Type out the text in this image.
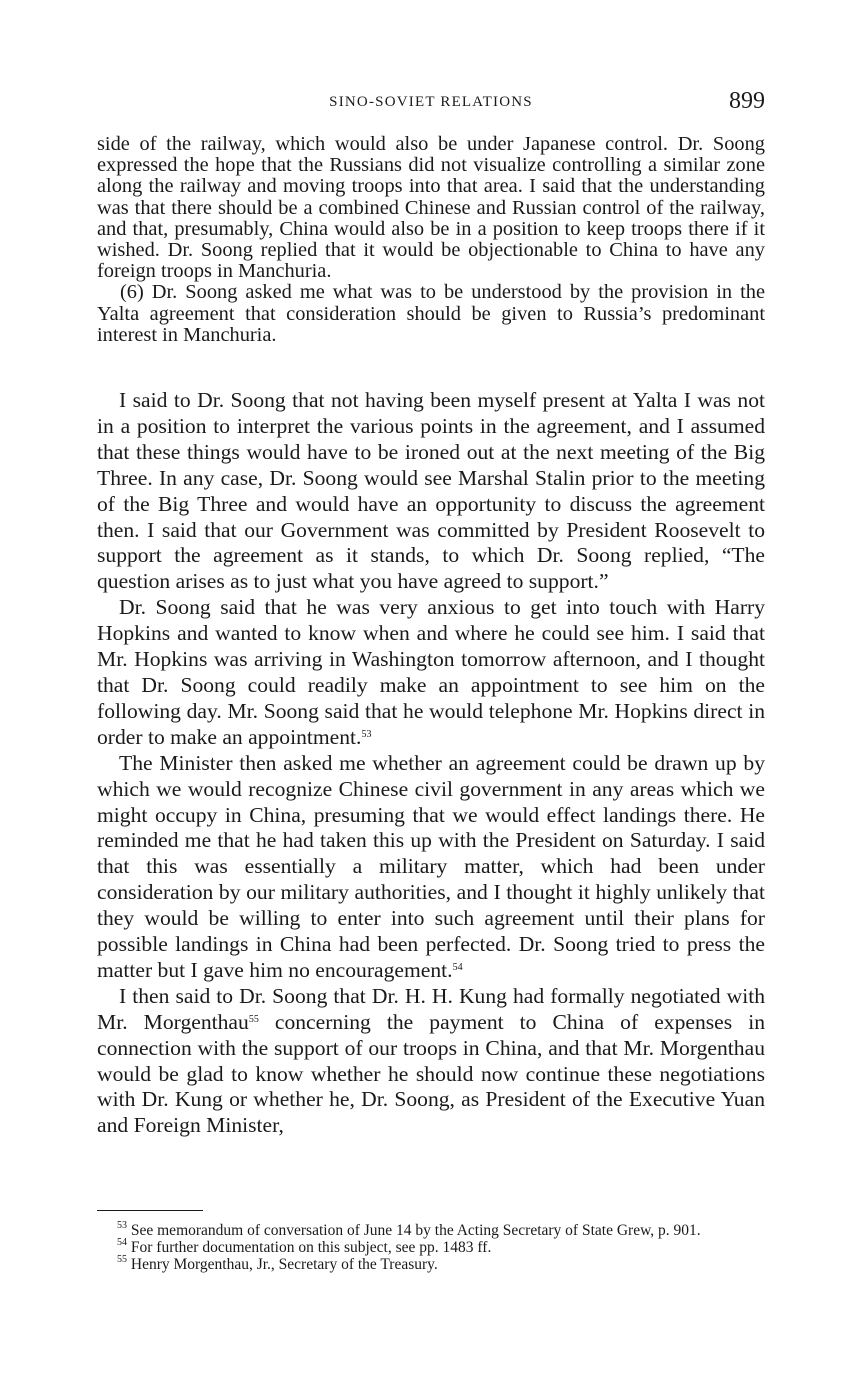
SINO-SOVIET RELATIONS	899

side of the railway, which would also be under Japanese control. Dr. Soong expressed the hope that the Russians did not visualize controlling a similar zone along the railway and moving troops into that area. I said that the understanding was that there should be a combined Chinese and Russian control of the railway, and that, presumably, China would also be in a position to keep troops there if it wished. Dr. Soong replied that it would be objectionable to China to have any foreign troops in Manchuria.

(6) Dr. Soong asked me what was to be understood by the provision in the Yalta agreement that consideration should be given to Russia’s predominant interest in Manchuria.

I said to Dr. Soong that not having been myself present at Yalta I was not in a position to interpret the various points in the agreement, and I assumed that these things would have to be ironed out at the next meeting of the Big Three. In any case, Dr. Soong would see Marshal Stalin prior to the meeting of the Big Three and would have an opportunity to discuss the agreement then. I said that our Government was committed by President Roosevelt to support the agreement as it stands, to which Dr. Soong replied, “The question arises as to just what you have agreed to support.”

Dr. Soong said that he was very anxious to get into touch with Harry Hopkins and wanted to know when and where he could see him. I said that Mr. Hopkins was arriving in Washington tomorrow afternoon, and I thought that Dr. Soong could readily make an appointment to see him on the following day. Mr. Soong said that he would telephone Mr. Hopkins direct in order to make an appointment.$^{53}$

The Minister then asked me whether an agreement could be drawn up by which we would recognize Chinese civil government in any areas which we might occupy in China, presuming that we would effect landings there. He reminded me that he had taken this up with the President on Saturday. I said that this was essentially a military matter, which had been under consideration by our military authorities, and I thought it highly unlikely that they would be willing to enter into such agreement until their plans for possible landings in China had been perfected. Dr. Soong tried to press the matter but I gave him no encouragement.$^{54}$

I then said to Dr. Soong that Dr. H. H. Kung had formally negotiated with Mr. Morgenthau$^{55}$ concerning the payment to China of expenses in connection with the support of our troops in China, and that Mr. Morgenthau would be glad to know whether he should now continue these negotiations with Dr. Kung or whether he, Dr. Soong, as President of the Executive Yuan and Foreign Minister,

$^{53}$ See memorandum of conversation of June 14 by the Acting Secretary of State Grew, p. 901.

$^{54}$ For further documentation on this subject, see pp. 1483 ff.

$^{55}$ Henry Morgenthau, Jr., Secretary of the Treasury.
